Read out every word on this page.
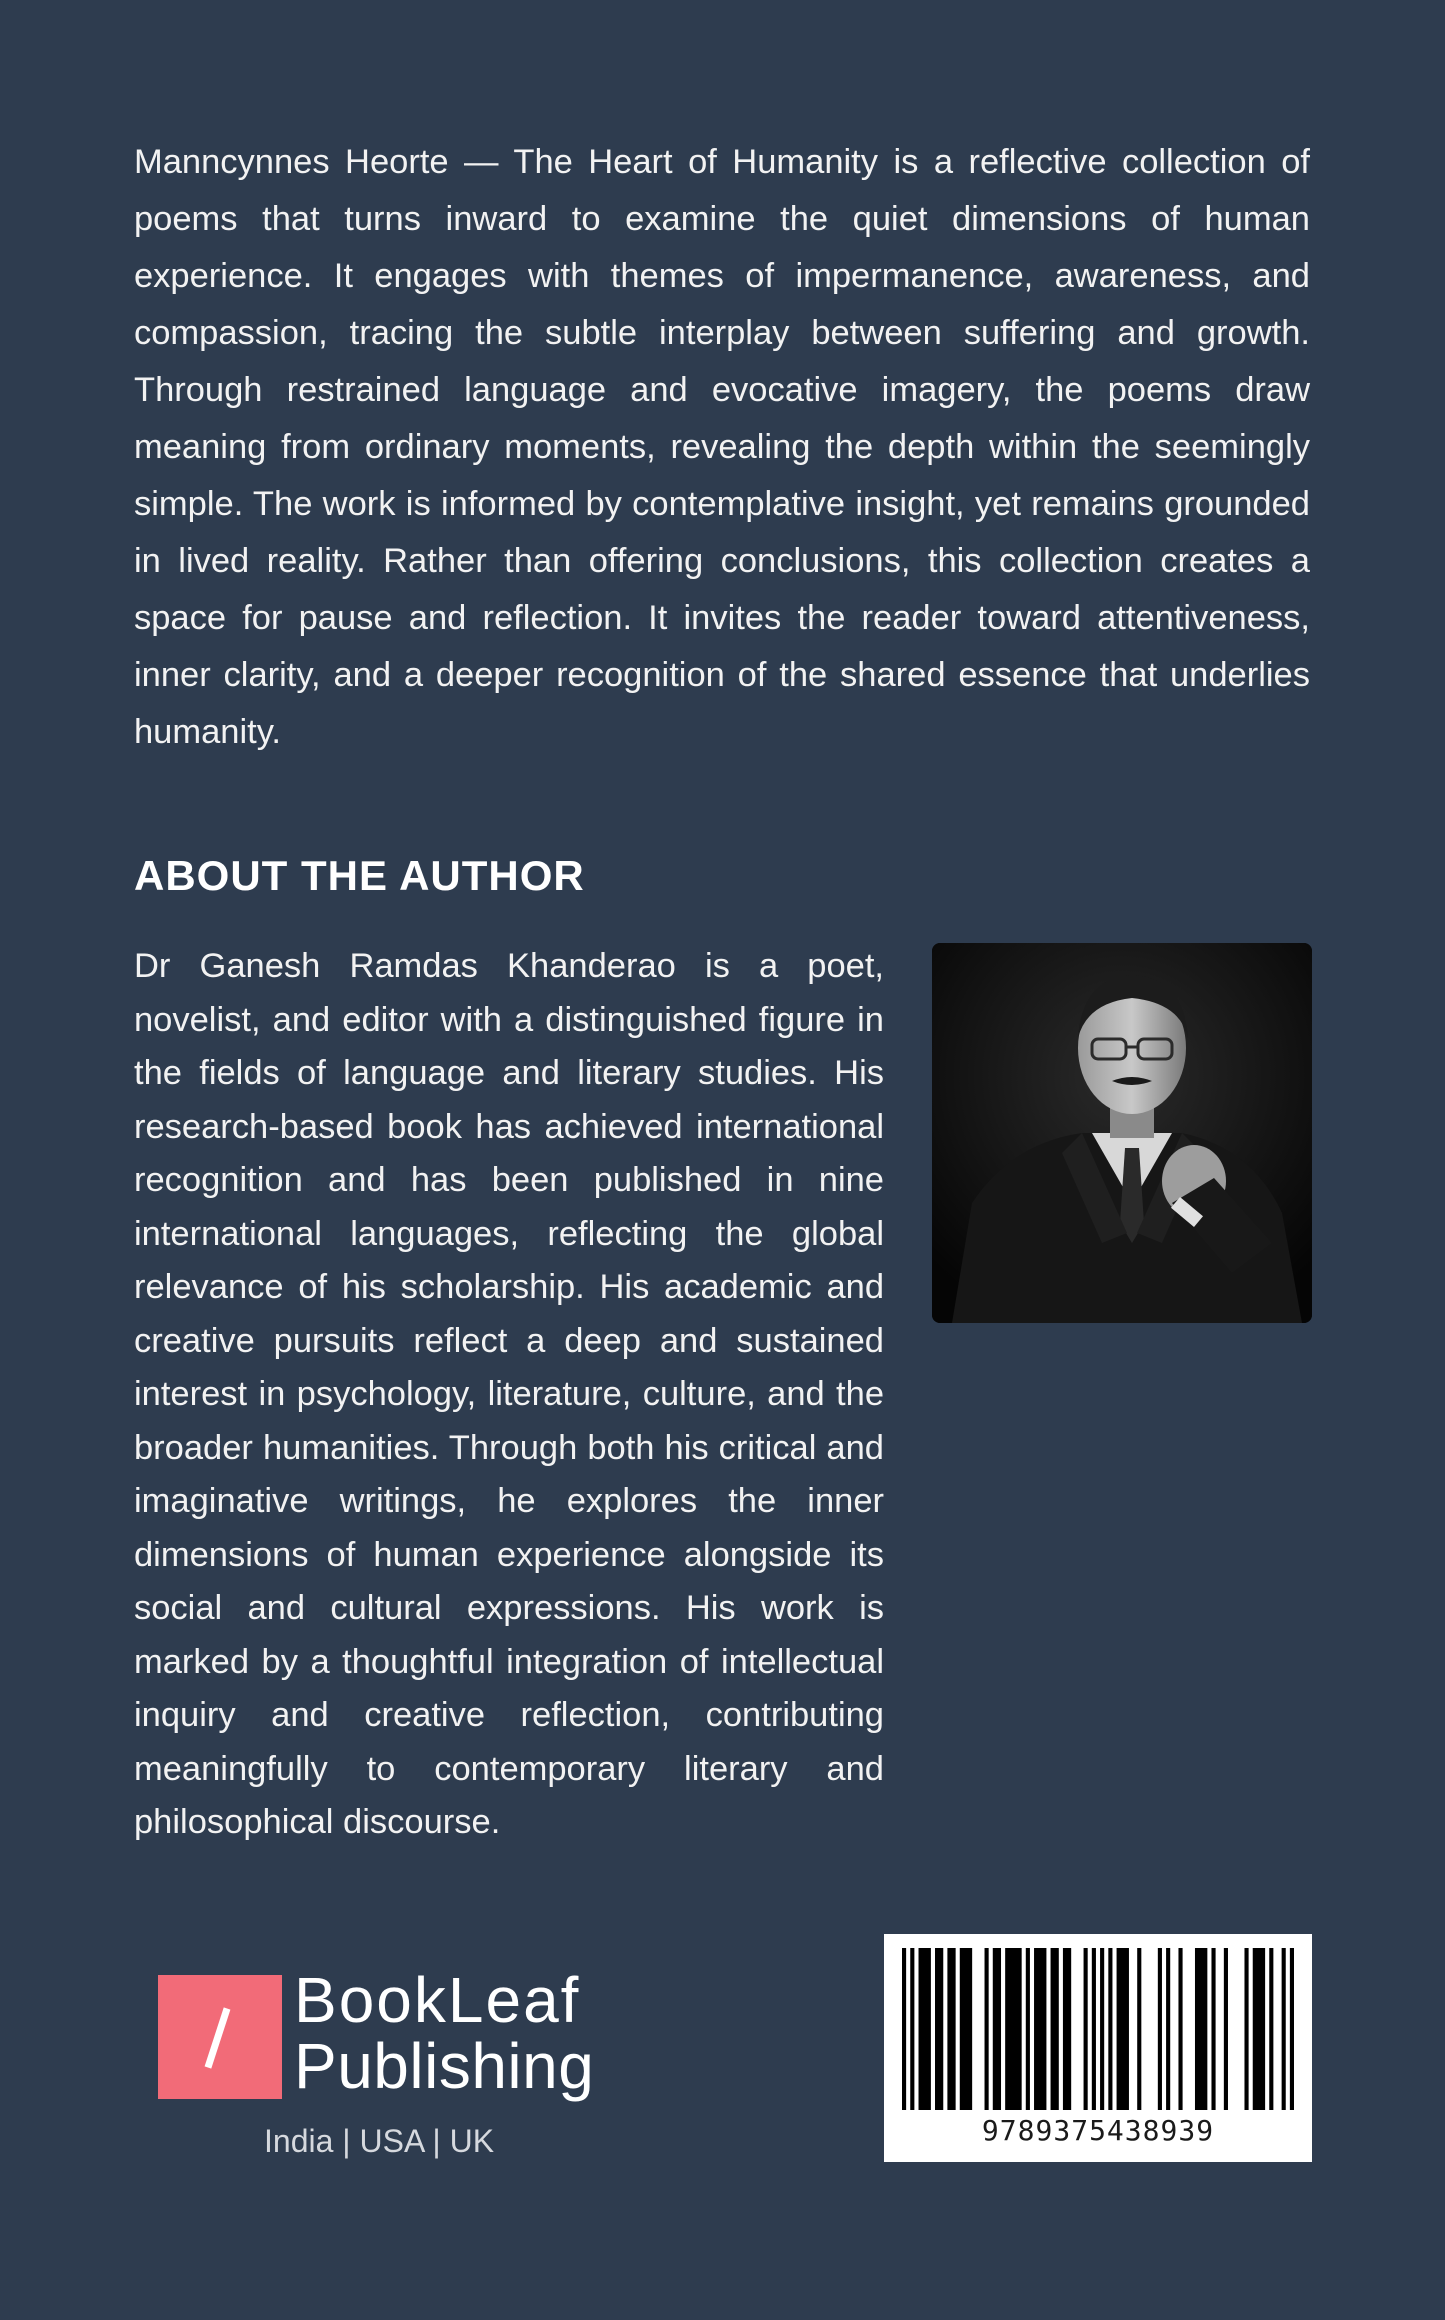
Manncynnes Heorte — The Heart of Humanity is a reflective collection of poems that turns inward to examine the quiet dimensions of human experience. It engages with themes of impermanence, awareness, and compassion, tracing the subtle interplay between suffering and growth. Through restrained language and evocative imagery, the poems draw meaning from ordinary moments, revealing the depth within the seemingly simple. The work is informed by contemplative insight, yet remains grounded in lived reality. Rather than offering conclusions, this collection creates a space for pause and reflection. It invites the reader toward attentiveness, inner clarity, and a deeper recognition of the shared essence that underlies humanity.

ABOUT THE AUTHOR

Dr Ganesh Ramdas Khanderao is a poet, novelist, and editor with a distinguished figure in the fields of language and literary studies. His research-based book has achieved international recognition and has been published in nine international languages, reflecting the global relevance of his scholarship. His academic and creative pursuits reflect a deep and sustained interest in psychology, literature, culture, and the broader humanities. Through both his critical and imaginative writings, he explores the inner dimensions of human experience alongside its social and cultural expressions. His work is marked by a thoughtful integration of intellectual inquiry and creative reflection, contributing meaningfully to contemporary literary and philosophical discourse.

BookLeaf
Publishing
India | USA | UK	9789375438939
